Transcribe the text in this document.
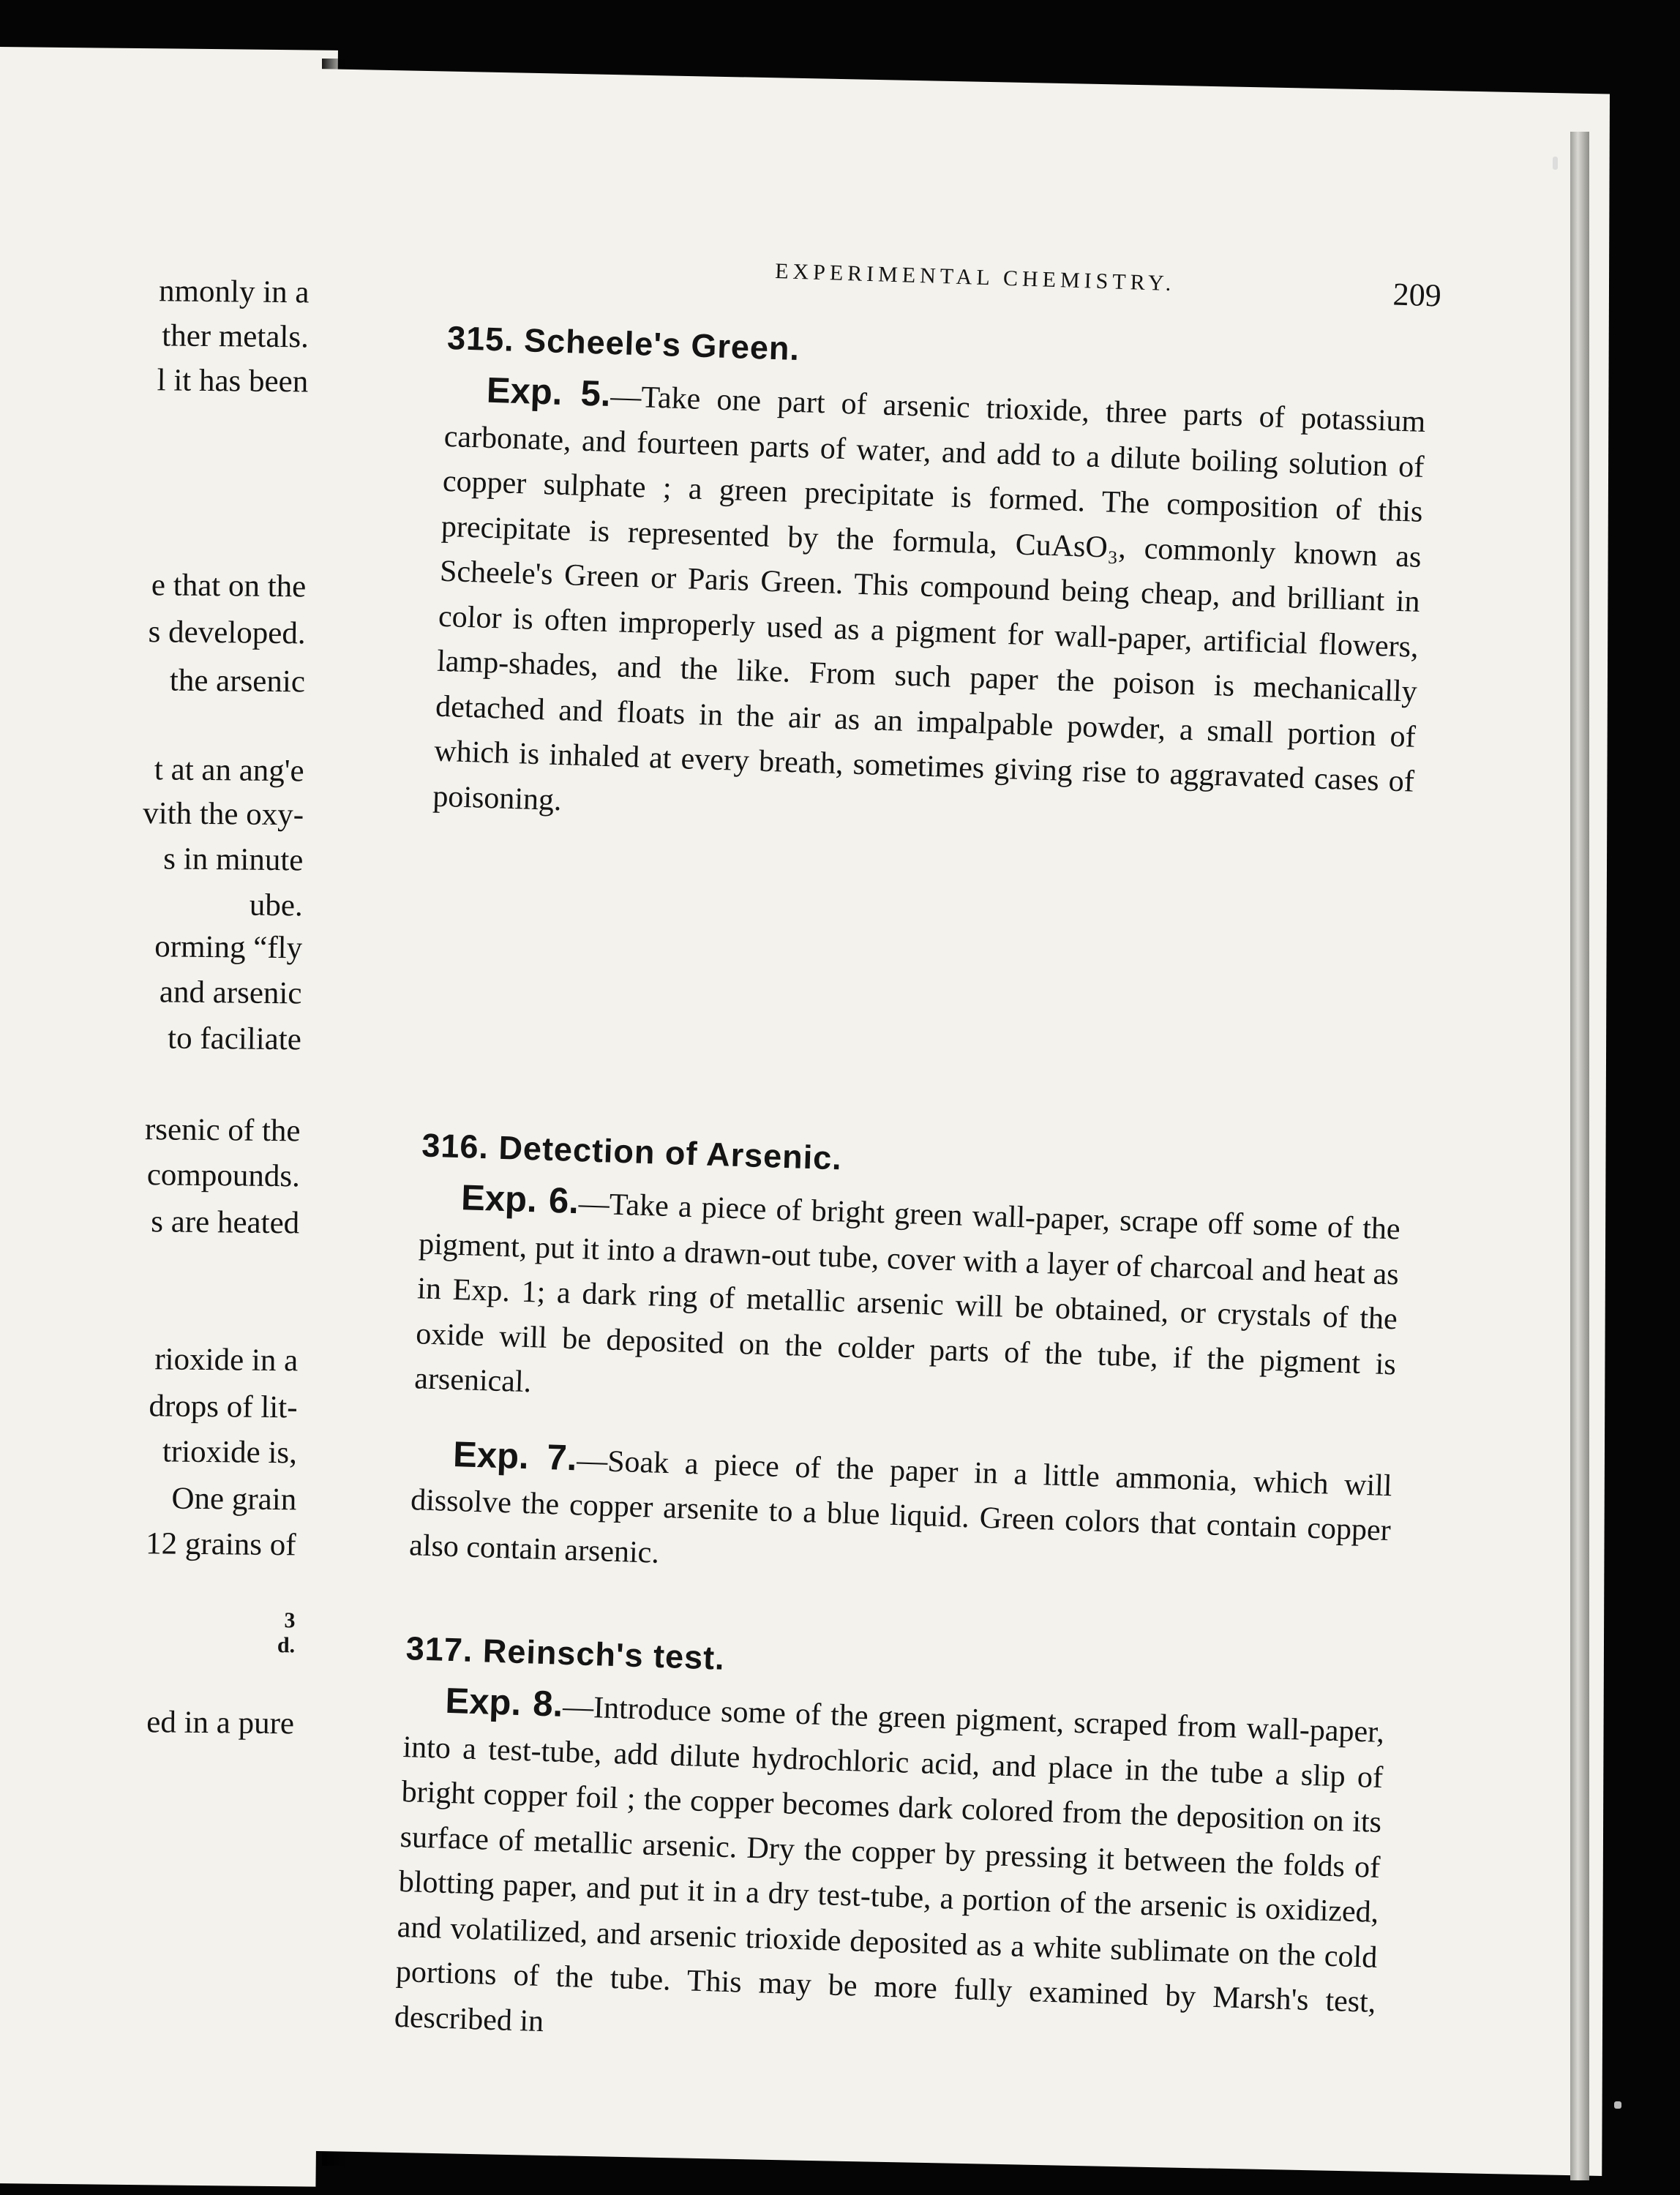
nmonly in a

ther metals.

l it has been

e that on the

s developed.

the arsenic

t at an ang'e

vith the oxy-

s in minute

ube.

orming “fly

and arsenic

to faciliate

rsenic of the

compounds.

s are heated

rioxide in a

drops of lit-

trioxide is,

One grain

12 grains of

3

d.

ed in a pure

EXPERIMENTAL CHEMISTRY.	209
315. Scheele's Green.

Exp. 5.—Take one part of arsenic trioxide, three parts of potassium carbonate, and fourteen parts of water, and add to a dilute boiling solution of copper sulphate ; a green precipitate is formed. The composition of this precipitate is represented by the formula, CuAsO₃, commonly known as Scheele's Green or Paris Green. This compound being cheap, and brilliant in color is often improperly used as a pigment for wall-paper, artificial flowers, lamp-shades, and the like. From such paper the poison is mechanically detached and floats in the air as an impalpable powder, a small portion of which is inhaled at every breath, sometimes giving rise to aggravated cases of poisoning.

316. Detection of Arsenic.

Exp. 6.—Take a piece of bright green wall-paper, scrape off some of the pigment, put it into a drawn-out tube, cover with a layer of charcoal and heat as in Exp. 1; a dark ring of metallic arsenic will be obtained, or crystals of the oxide will be deposited on the colder parts of the tube, if the pigment is arsenical.

Exp. 7.—Soak a piece of the paper in a little ammonia, which will dissolve the copper arsenite to a blue liquid. Green colors that contain copper also contain arsenic.

317. Reinsch's test.

Exp. 8.—Introduce some of the green pigment, scraped from wall-paper, into a test-tube, add dilute hydrochloric acid, and place in the tube a slip of bright copper foil ; the copper becomes dark colored from the deposition on its surface of metallic arsenic. Dry the copper by pressing it between the folds of blotting paper, and put it in a dry test-tube, a portion of the arsenic is oxidized, and volatilized, and arsenic trioxide deposited as a white sublimate on the cold portions of the tube. This may be more fully examined by Marsh's test, described in
